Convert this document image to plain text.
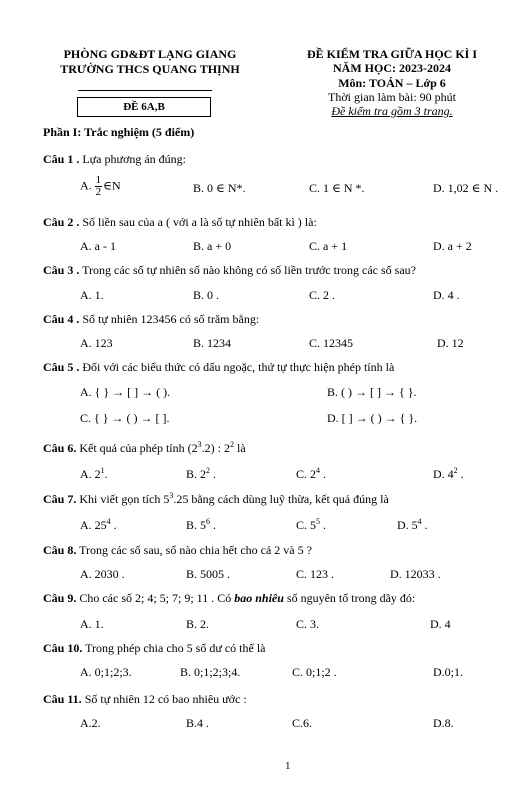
PHÒNG GD&ĐT LẠNG GIANG
TRƯỜNG THCS QUANG THỊNH
ĐỀ 6A,B
ĐỀ KIỂM TRA GIỮA HỌC KÌ I
NĂM HỌC: 2023-2024
Môn: TOÁN – Lớp 6
Thời gian làm bài: 90 phút
Đề kiểm tra gồm 3 trang.
Phần I: Trắc nghiệm (5 điểm)
Câu 1 . Lựa phương án đúng:
A. $\frac{1}{2}$ ∈N	B. 0 ∈ N*.	C. 1 ∈ N *.	D. 1,02 ∈ N .
Câu 2 . Số liền sau của a ( với a là số tự nhiên bất kì ) là:
A. a - 1	B. a + 0	C. a + 1	D. a + 2
Câu 3 . Trong các số tự nhiên số nào không có số liền trước trong các số sau?
A. 1.	B. 0 .	C. 2 .	D. 4 .
Câu 4 . Số tự nhiên 123456 có số trăm bằng:
A. 123	B. 1234	C. 12345	D. 12
Câu 5 . Đối với các biểu thức có dấu ngoặc, thứ tự thực hiện phép tính là
A. { } → [ ] → ( ).	B. ( ) → [ ] → { }.
C. { } → ( ) → [ ].	D. [ ] → ( ) → { }.
Câu 6. Kết quả của phép tính $(2^3.2)$ : $2^2$ là
A. $2^1$.	B. $2^2$ .	C. $2^4$ .	D. $4^2$ .
Câu 7. Khi viết gọn tích $5^3.25$ bằng cách dùng luỹ thừa, kết quả đúng là
A. $25^4$ .	B. $5^6$ .	C. $5^5$ .	D. $5^4$ .
Câu 8. Trong các số sau, số nào chia hết cho cả 2 và 5 ?
A. 2030 .	B. 5005 .	C. 123 .	D. 12033 .
Câu 9. Cho các số 2; 4; 5; 7; 9; 11 . Có bao nhiêu số nguyên tố trong dãy đó:
A. 1.	B. 2.	C. 3.	D. 4
Câu 10. Trong phép chia cho 5 số dư có thể là
A. 0;1;2;3.	B. 0;1;2;3;4.	C. 0;1;2 .	D.0;1.
Câu 11. Số tự nhiên 12 có bao nhiêu ước :
A.2.	B.4 .	C.6.	D.8.
1
